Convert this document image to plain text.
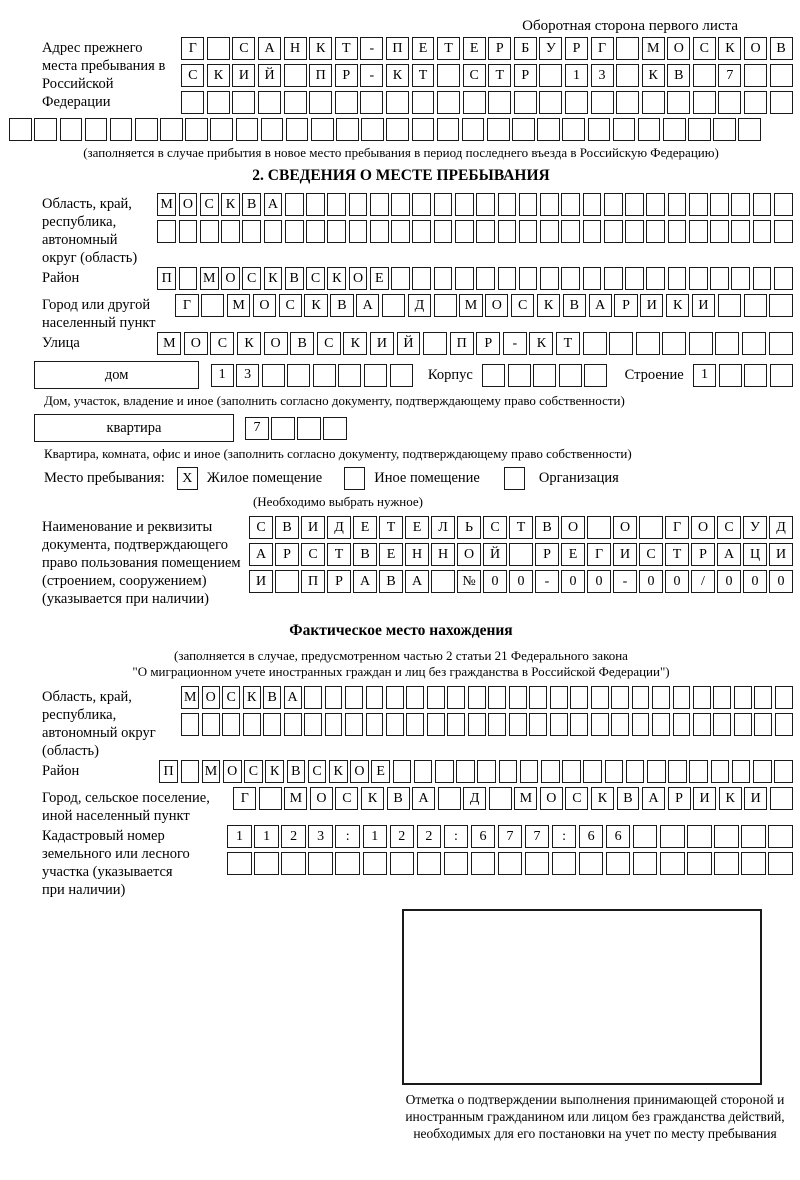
Оборотная сторона первого листа
Адрес прежнего места пребывания в Российской Федерации
Г	С	А	Н	К	Т	-	П	Е	Т	Е	Р	Б	У	Р	Г	М	О	С	К	О	В
С	К	И	Й	П	Р	-	К	Т	С	Т	Р	1	3	К	В	7
(заполняется в случае прибытия в новое место пребывания в период последнего въезда в Российскую Федерацию)
2. СВЕДЕНИЯ О МЕСТЕ ПРЕБЫВАНИЯ
Область, край, республика, автономный округ (область)
М О С К В А
Район	П	М О С К В С К О Е
Город или другой населенный пункт
Г	М	О	С	К	В	А	Д	М	О	С	К	В	А	Р	И	К	И
Улица	М	О	С	К	О	В	С	К	И	Й	П	Р	-	К	Т
дом	1	3	Корпус	Строение	1
Дом, участок, владение и иное (заполнить согласно документу, подтверждающему право собственности)
квартира	7
Квартира, комната, офис и иное (заполнить согласно документу, подтверждающему право собственности)
Место пребывания:	X Жилое помещение	Иное помещение	Организация
(Необходимо выбрать нужное)
Наименование и реквизиты документа, подтверждающего право пользования помещением (строением, сооружением) (указывается при наличии)
С	В	И	Д	Е	Т	Е	Л	Ь	С	Т	В	О	О	Г	О	С	У	Д
А	Р	С	Т	В	Е	Н	Н	О	Й	Р	Е	Г	И	С	Т	Р	А	Ц	И
И	П	Р	А	В	А	№	0	0	-	0	0	-	0	0	/	0	0	0
Фактическое место нахождения
(заполняется в случае, предусмотренном частью 2 статьи 21 Федерального закона
"О миграционном учете иностранных граждан и лиц без гражданства в Российской Федерации")
Область, край, республика, автономный округ (область)
М О С К В А
Район	П	М О С К В С К О Е
Город, сельское поселение, иной населенный пункт
Г	М	О	С	К	В	А	Д	М	О	С	К	В	А	Р	И	К	И
Кадастровый номер земельного или лесного участка (указывается при наличии)
1	1	2	3	:	1	2	2	:	6	7	7	:	6	6
Отметка о подтверждении выполнения принимающей стороной и иностранным гражданином или лицом без гражданства действий, необходимых для его постановки на учет по месту пребывания
